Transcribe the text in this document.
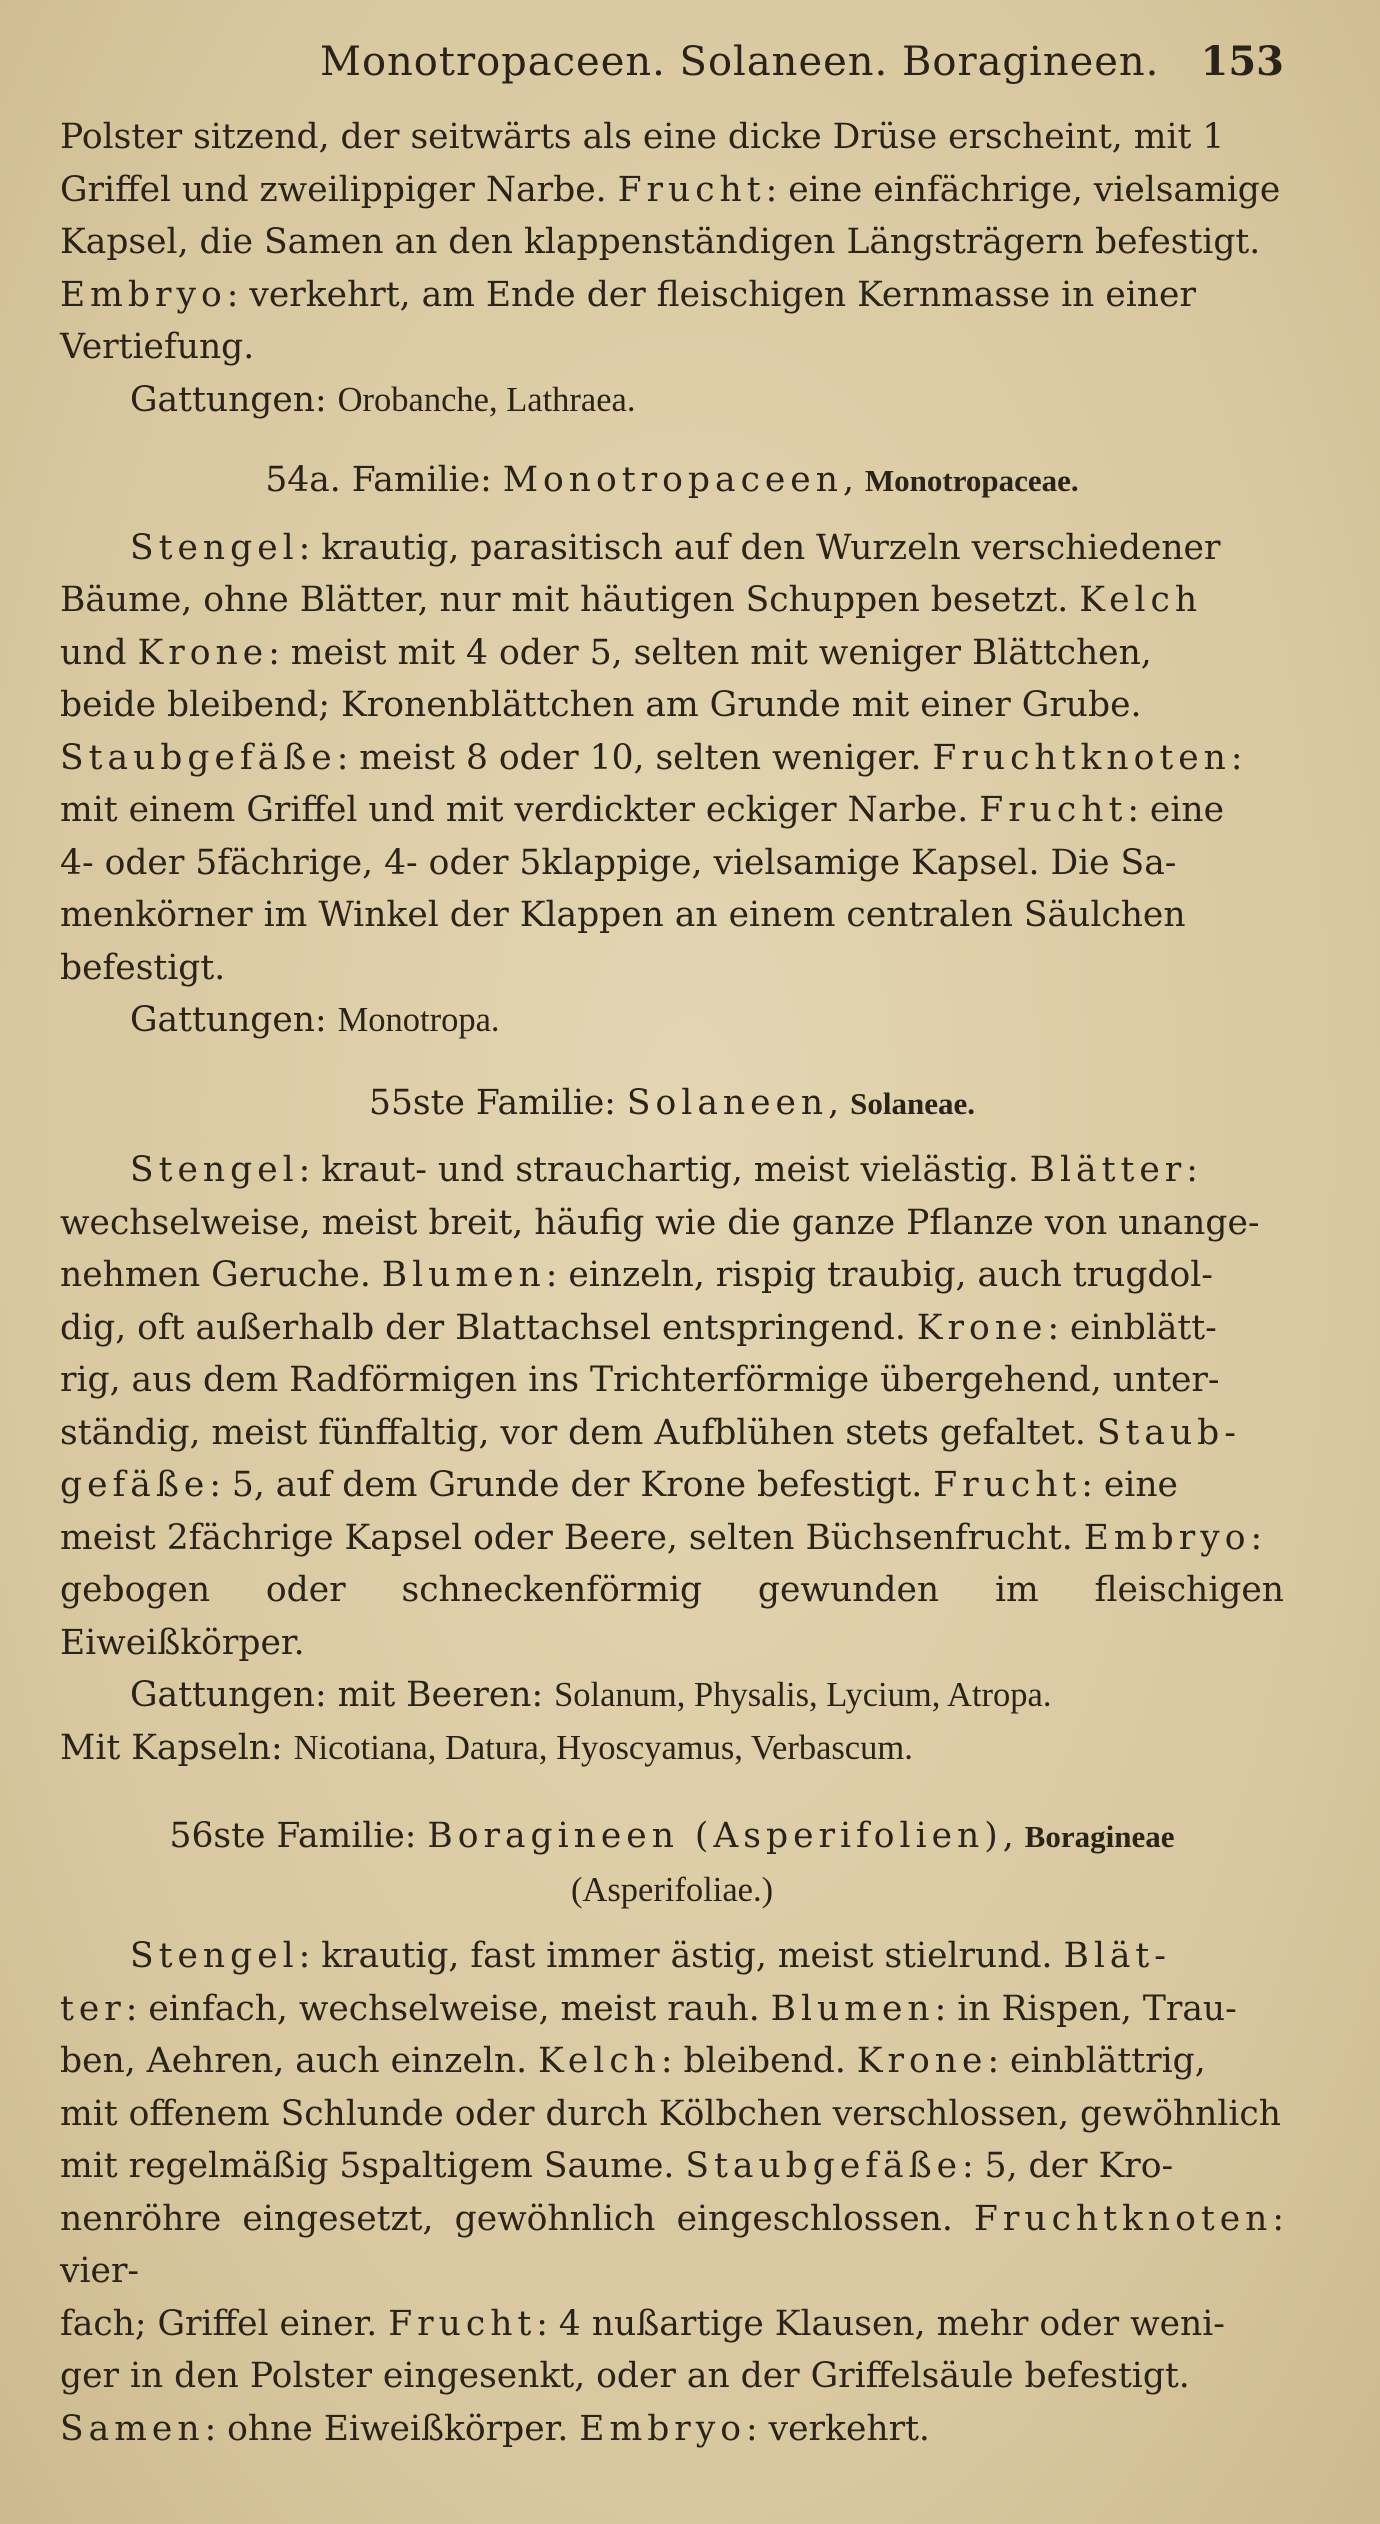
Monotropaceen. Solaneen. Boragineen. 153

Polster sitzend, der seitwärts als eine dicke Drüse erscheint, mit 1

Griffel und zweilippiger Narbe. Frucht: eine einfächrige, vielsamige

Kapsel, die Samen an den klappenständigen Längsträgern befestigt.

Embryo: verkehrt, am Ende der fleischigen Kernmasse in einer

Vertiefung.

Gattungen: Orobanche, Lathraea.

54a. Familie: Monotropaceen, Monotropaceae.

Stengel: krautig, parasitisch auf den Wurzeln verschiedener

Bäume, ohne Blätter, nur mit häutigen Schuppen besetzt. Kelch

und Krone: meist mit 4 oder 5, selten mit weniger Blättchen,

beide bleibend; Kronenblättchen am Grunde mit einer Grube.

Staubgefäße: meist 8 oder 10, selten weniger. Fruchtknoten:

mit einem Griffel und mit verdickter eckiger Narbe. Frucht: eine

4- oder 5fächrige, 4- oder 5klappige, vielsamige Kapsel. Die Sa-

menkörner im Winkel der Klappen an einem centralen Säulchen

befestigt.

Gattungen: Monotropa.

55ste Familie: Solaneen, Solaneae.

Stengel: kraut- und strauchartig, meist vielästig. Blätter:

wechselweise, meist breit, häufig wie die ganze Pflanze von unange-

nehmen Geruche. Blumen: einzeln, rispig traubig, auch trugdol-

dig, oft außerhalb der Blattachsel entspringend. Krone: einblätt-

rig, aus dem Radförmigen ins Trichterförmige übergehend, unter-

ständig, meist fünffaltig, vor dem Aufblühen stets gefaltet. Staub-

gefäße: 5, auf dem Grunde der Krone befestigt. Frucht: eine

meist 2fächrige Kapsel oder Beere, selten Büchsenfrucht. Embryo:

gebogen oder schneckenförmig gewunden im fleischigen Eiweißkörper.

Gattungen: mit Beeren: Solanum, Physalis, Lycium, Atropa.

Mit Kapseln: Nicotiana, Datura, Hyoscyamus, Verbascum.

56ste Familie: Boragineen (Asperifolien), Boragineae
(Asperifoliae.)

Stengel: krautig, fast immer ästig, meist stielrund. Blät-

ter: einfach, wechselweise, meist rauh. Blumen: in Rispen, Trau-

ben, Aehren, auch einzeln. Kelch: bleibend. Krone: einblättrig,

mit offenem Schlunde oder durch Kölbchen verschlossen, gewöhnlich

mit regelmäßig 5spaltigem Saume. Staubgefäße: 5, der Kro-

nenröhre eingesetzt, gewöhnlich eingeschlossen. Fruchtknoten: vier-

fach; Griffel einer. Frucht: 4 nußartige Klausen, mehr oder weni-

ger in den Polster eingesenkt, oder an der Griffelsäule befestigt.

Samen: ohne Eiweißkörper. Embryo: verkehrt.
